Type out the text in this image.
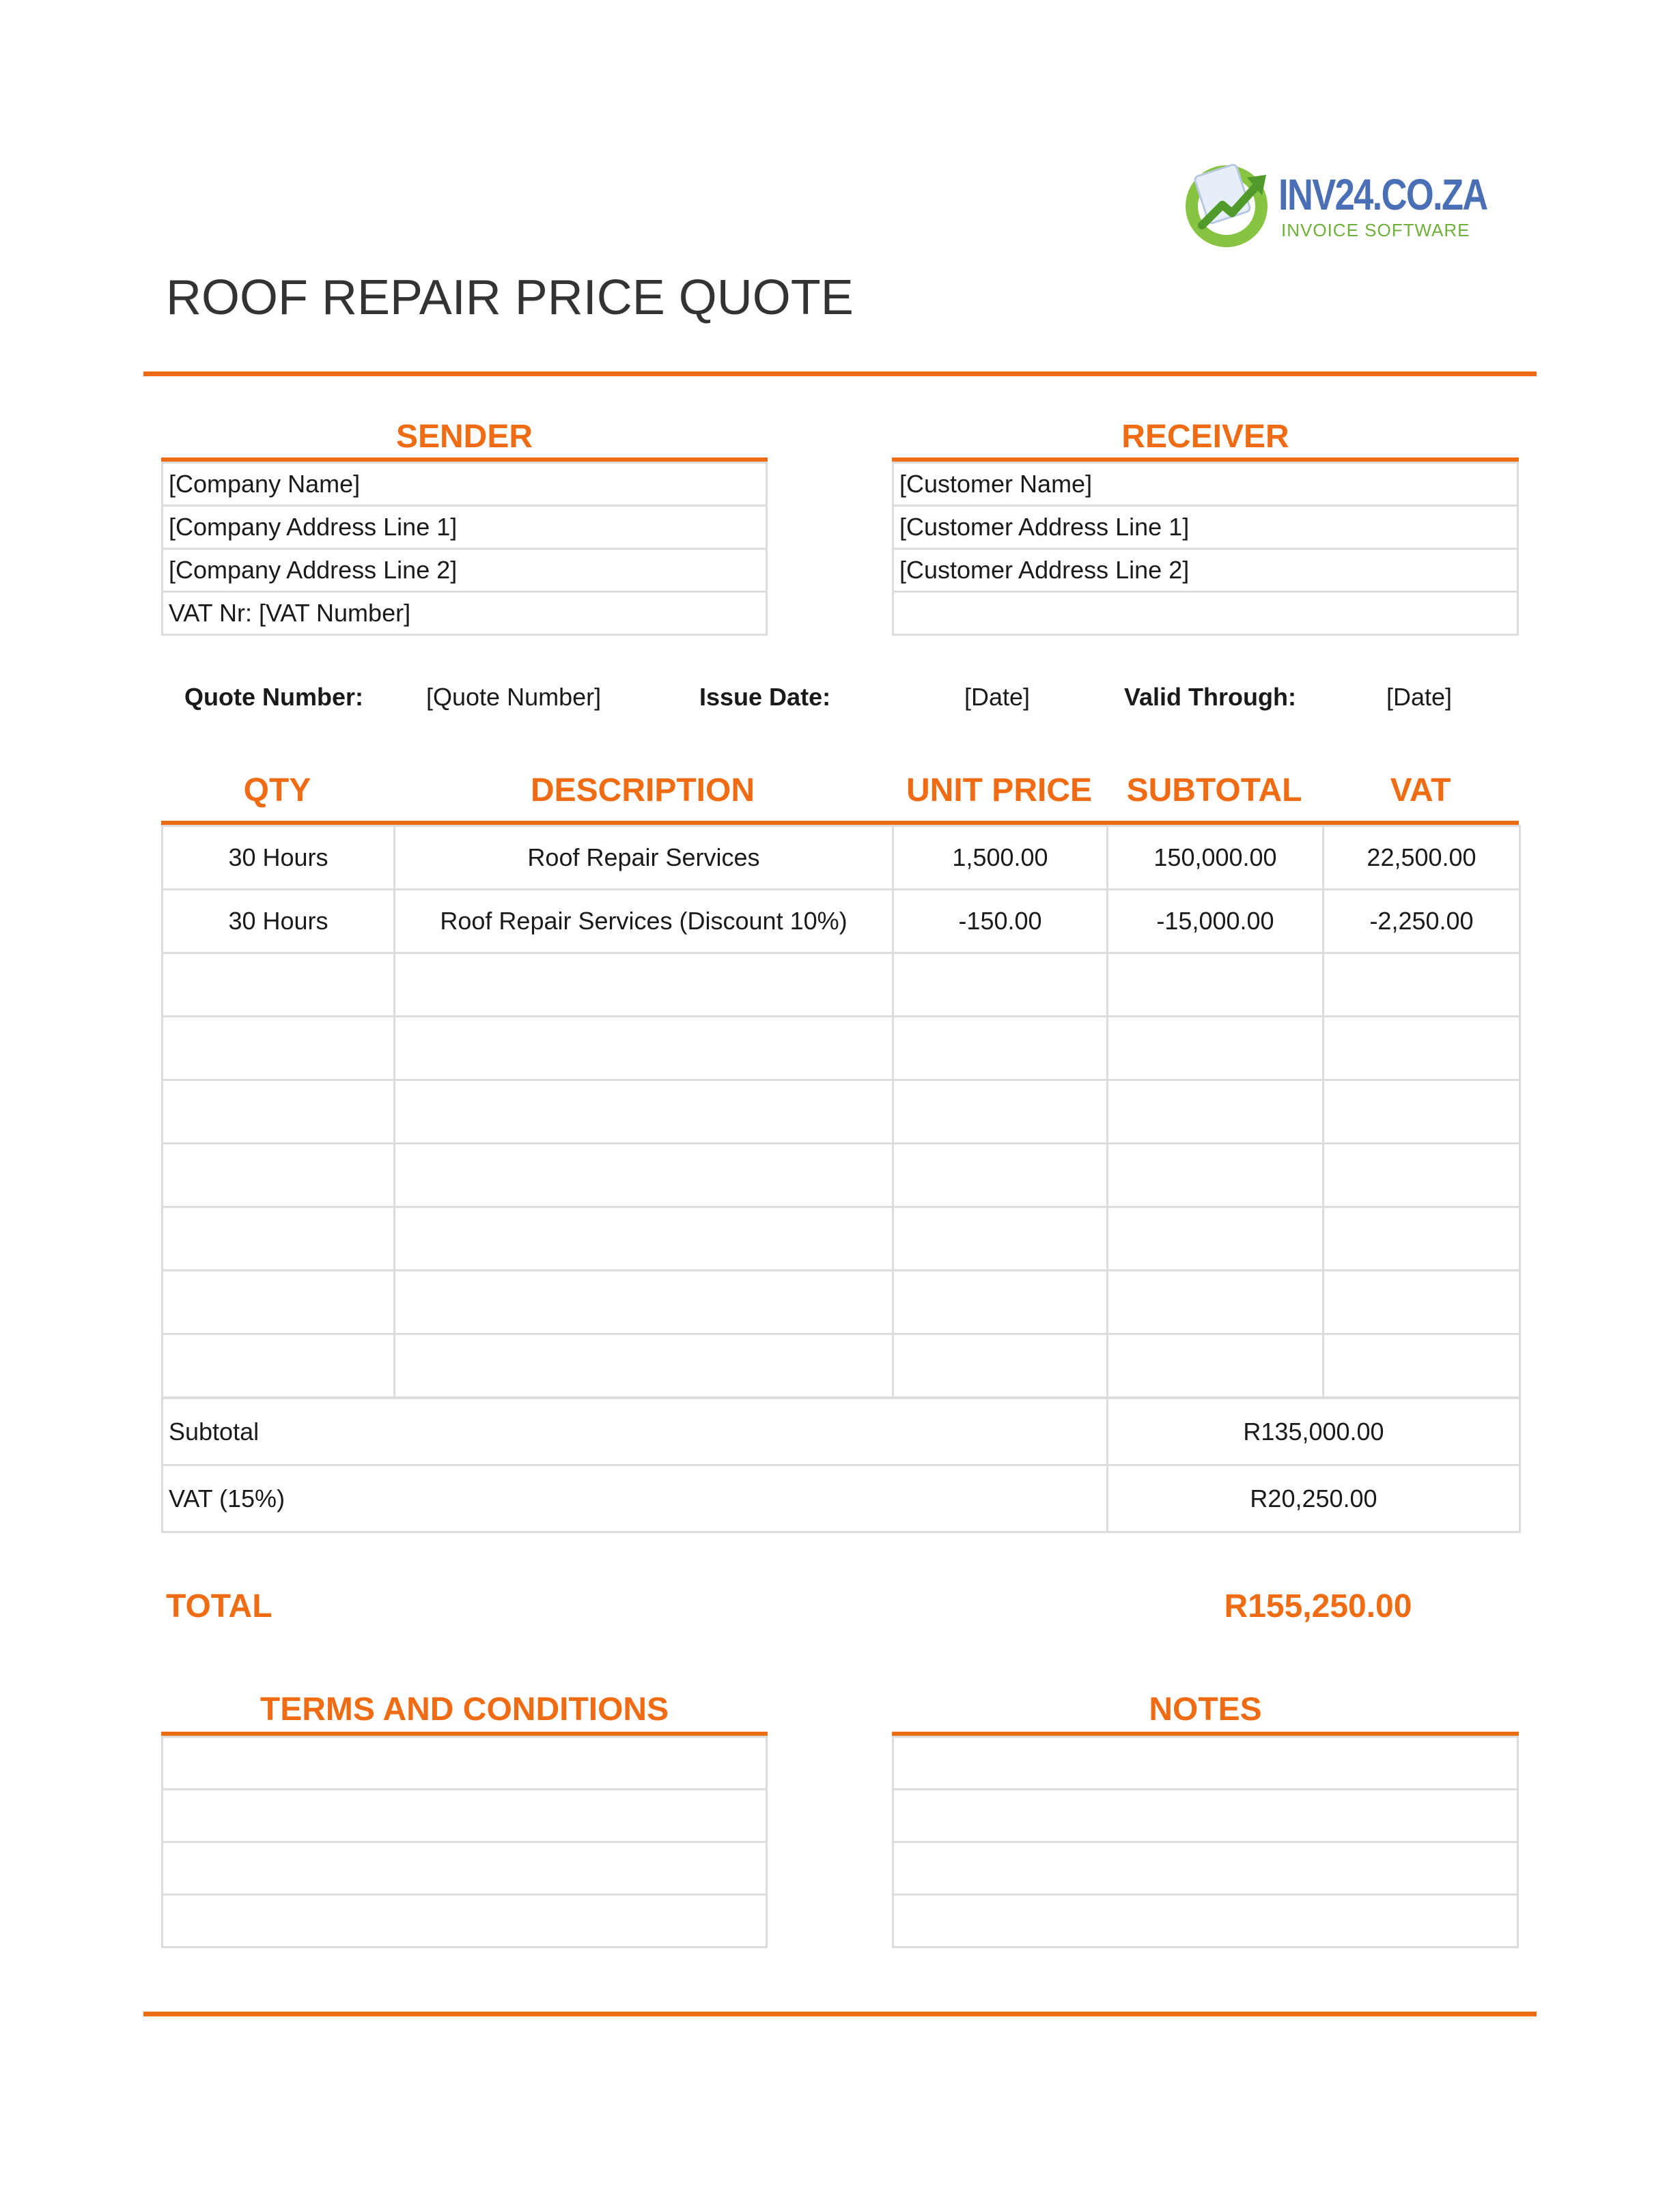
INV24.CO.ZA
INVOICE SOFTWARE
ROOF REPAIR PRICE QUOTE
SENDER
[Company Name]
[Company Address Line 1]
[Company Address Line 2]
VAT Nr: [VAT Number]
RECEIVER
[Customer Name]
[Customer Address Line 1]
[Customer Address Line 2]

Quote Number:	[Quote Number]	Issue Date:	[Date]	Valid Through:	[Date]
QTY	DESCRIPTION	UNIT PRICE	SUBTOTAL	VAT
30 Hours	Roof Repair Services	1,500.00	150,000.00	22,500.00
30 Hours	Roof Repair Services (Discount 10%)	-150.00	-15,000.00	-2,250.00

Subtotal	R135,000.00
VAT (15%)	R20,250.00
TOTAL	R155,250.00
TERMS AND CONDITIONS	NOTES
